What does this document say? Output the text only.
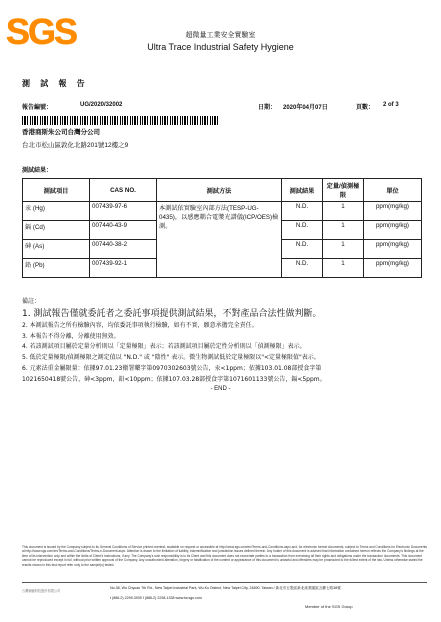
SGS	超微量工業安全實驗室
Ultra Trace Industrial Safety Hygiene
測 試 報 告
報告編號：	UG/2020/32002	日期： 2020年04月07日	頁數： 2 of 3
香港商斯朱公司台灣分公司
台北市松山區敦化北路201號12樓之9
測試結果：
測試項目	CAS NO.	測試方法	測試結果	定量/偵測極限	單位
汞 (Hg)	007439-97-6	本測試依實驗室內部方法(TESP-UG-0435)，以感應耦合電漿光譜儀(ICP/OES)檢測。	N.D.	1	ppm(mg/kg)
鎘 (Cd)	007440-43-9		N.D.	1	ppm(mg/kg)
砷 (As)	007440-38-2		N.D.	1	ppm(mg/kg)
鉛 (Pb)	007439-92-1		N.D.	1	ppm(mg/kg)
備註：
1. 測試報告僅就委託者之委託事項提供測試結果，不對產品合法性做判斷。
2. 本測試報告之所有檢驗內容，均依委託事項執行檢驗，如有不實，願意承擔完全責任。
3. 本報告不得分離，分離使用無效。
4. 若該測試項目屬於定量分析則以「定量極限」表示；若該測試項目屬於定性分析則以「偵測極限」表示。
5. 低於定量極限/偵測極限之測定值以 "N.D." 或 "陰性" 表示。微生物測試低於定量極限以"<定量極限值"表示。
6. 元素法重金屬限量：依據97.01.23衛署藥字第0970302603號公告，汞<1ppm；依據103.01.08部授食字第
1021650418號公告，砷<3ppm，鉛<10ppm；依據107.03.28部授食字第1071601133號公告，鎘<5ppm。
- END -
This document is issued by the Company subject to its General Conditions of Service printed overleaf, available on request or accessible at http://www.sgs.com/en/Terms-and-Conditions.aspx and, for electronic format documents, subject to Terms and Conditions for Electronic Documents at http://www.sgs.com/en/Terms-and-Conditions/Terms-e-Document.aspx. Attention is drawn to the limitation of liability, indemnification and jurisdiction issues defined therein. Any holder of this document is advised that information contained hereon reflects the Company's findings at the time of its intervention only and within the limits of Client's instructions, if any. The Company's sole responsibility is to its Client and this document does not exonerate parties to a transaction from exercising all their rights and obligations under the transaction documents. This document cannot be reproduced except in full, without prior written approval of the Company. Any unauthorized alteration, forgery or falsification of the content or appearance of this document is unlawful and offenders may be prosecuted to the fullest extent of the law. Unless otherwise stated the results shown in this test report refer only to the sample(s) tested.
台灣檢驗科技股份有限公司
No.38, Wu Chyuan 7th Rd., New Taipei Industrial Park, Wu Ku District, New Taipei City, 24890, Taiwan / 新北市五股區新北產業園區五權七路38號
t (886-2) 2299-3939 f (886-2) 2298-1338 www.tw.sgs.com
Member of the SGS Group
